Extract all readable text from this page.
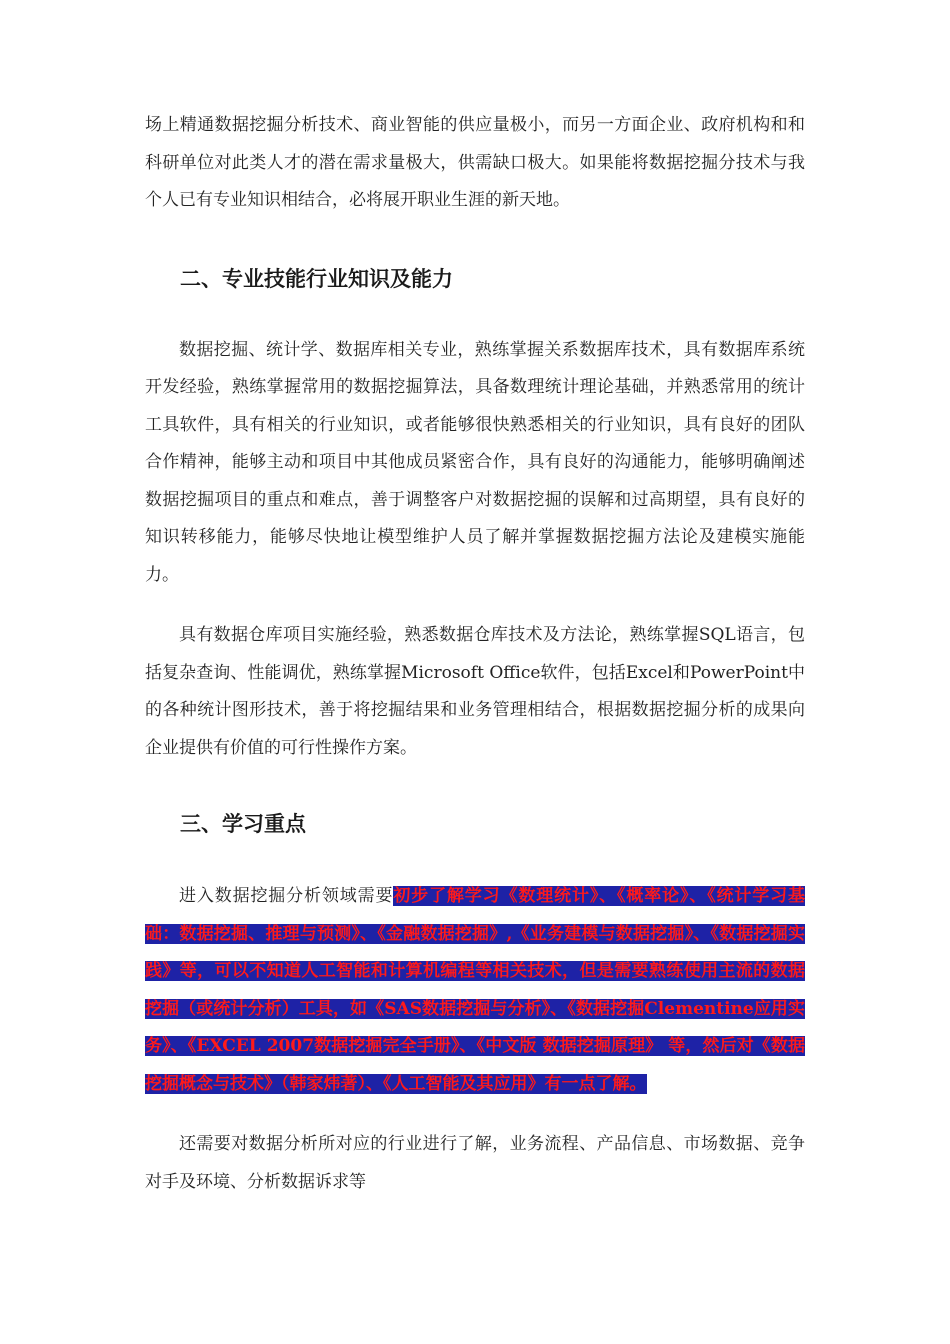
场上精通数据挖掘分析技术、商业智能的供应量极小，而另一方面企业、政府机构和和科研单位对此类人才的潜在需求量极大，供需缺口极大。如果能将数据挖掘分技术与我个人已有专业知识相结合，必将展开职业生涯的新天地。

二、专业技能行业知识及能力

数据挖掘、统计学、数据库相关专业，熟练掌握关系数据库技术，具有数据库系统开发经验，熟练掌握常用的数据挖掘算法，具备数理统计理论基础，并熟悉常用的统计工具软件，具有相关的行业知识，或者能够很快熟悉相关的行业知识，具有良好的团队合作精神，能够主动和项目中其他成员紧密合作，具有良好的沟通能力，能够明确阐述数据挖掘项目的重点和难点，善于调整客户对数据挖掘的误解和过高期望，具有良好的知识转移能力，能够尽快地让模型维护人员了解并掌握数据挖掘方法论及建模实施能力。

具有数据仓库项目实施经验，熟悉数据仓库技术及方法论，熟练掌握SQL语言，包括复杂查询、性能调优，熟练掌握Microsoft Office软件，包括Excel和PowerPoint中的各种统计图形技术，善于将挖掘结果和业务管理相结合，根据数据挖掘分析的成果向企业提供有价值的可行性操作方案。

三、学习重点

进入数据挖掘分析领域需要初步了解学习《数理统计》、《概率论》、《统计学习基础：数据挖掘、推理与预测》、《金融数据挖掘》,《业务建模与数据挖掘》、《数据挖掘实践》等，可以不知道人工智能和计算机编程等相关技术，但是需要熟练使用主流的数据挖掘（或统计分析）工具，如《SAS数据挖掘与分析》、《数据挖掘Clementine应用实务》、《EXCEL 2007数据挖掘完全手册》、《中文版 数据挖掘原理》 等，然后对《数据挖掘概念与技术》（韩家炜著）、《人工智能及其应用》有一点了解。

还需要对数据分析所对应的行业进行了解，业务流程、产品信息、市场数据、竞争对手及环境、分析数据诉求等
